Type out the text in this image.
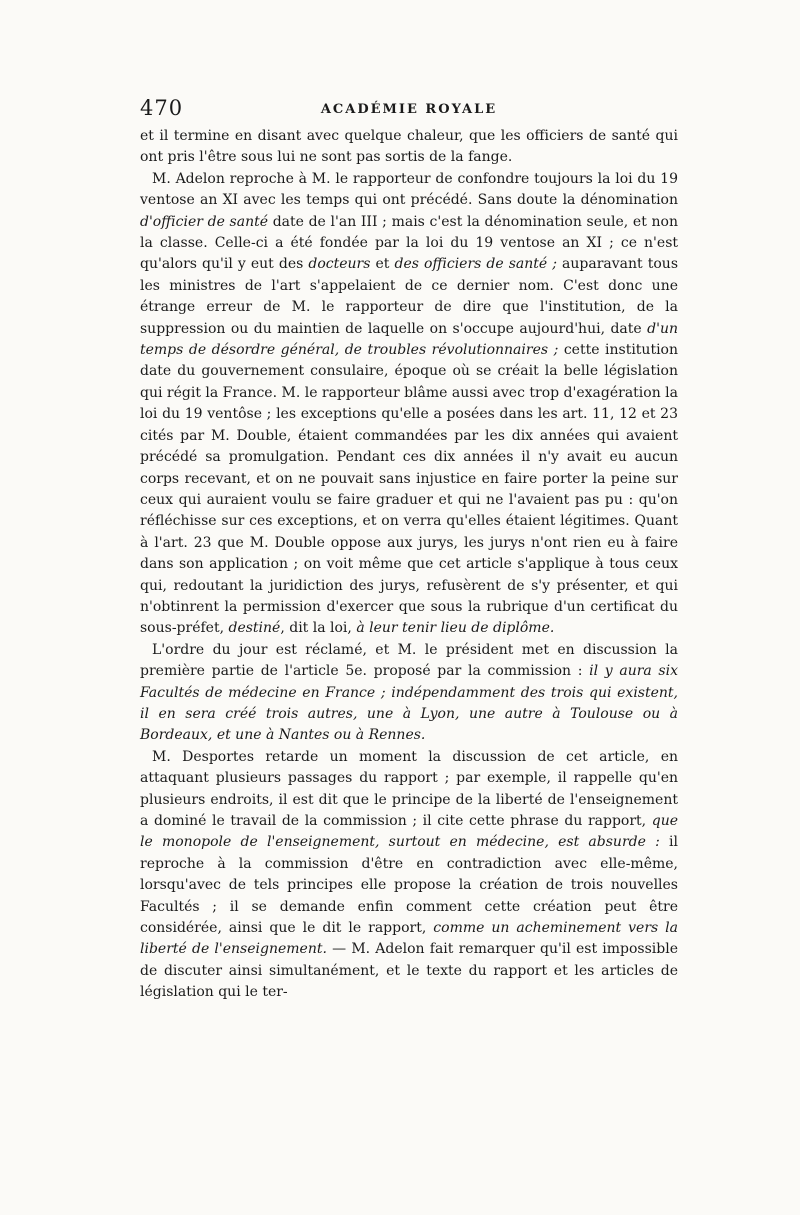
470	ACADÉMIE ROYALE

et il termine en disant avec quelque chaleur, que les officiers de santé qui ont pris l'être sous lui ne sont pas sortis de la fange.

M. Adelon reproche à M. le rapporteur de confondre toujours la loi du 19 ventose an XI avec les temps qui ont précédé. Sans doute la dénomination d'officier de santé date de l'an III ; mais c'est la dénomination seule, et non la classe. Celle-ci a été fondée par la loi du 19 ventose an XI ; ce n'est qu'alors qu'il y eut des docteurs et des officiers de santé ; auparavant tous les ministres de l'art s'appelaient de ce dernier nom. C'est donc une étrange erreur de M. le rapporteur de dire que l'institution, de la suppression ou du maintien de laquelle on s'occupe aujourd'hui, date d'un temps de désordre général, de troubles révolutionnaires ; cette institution date du gouvernement consulaire, époque où se créait la belle législation qui régit la France. M. le rapporteur blâme aussi avec trop d'exagération la loi du 19 ventôse ; les exceptions qu'elle a posées dans les art. 11, 12 et 23 cités par M. Double, étaient commandées par les dix années qui avaient précédé sa promulgation. Pendant ces dix années il n'y avait eu aucun corps recevant, et on ne pouvait sans injustice en faire porter la peine sur ceux qui auraient voulu se faire graduer et qui ne l'avaient pas pu : qu'on réfléchisse sur ces exceptions, et on verra qu'elles étaient légitimes. Quant à l'art. 23 que M. Double oppose aux jurys, les jurys n'ont rien eu à faire dans son application ; on voit même que cet article s'applique à tous ceux qui, redoutant la juridiction des jurys, refusèrent de s'y présenter, et qui n'obtinrent la permission d'exercer que sous la rubrique d'un certificat du sous-préfet, destiné, dit la loi, à leur tenir lieu de diplôme.

L'ordre du jour est réclamé, et M. le président met en discussion la première partie de l'article 5e. proposé par la commission : il y aura six Facultés de médecine en France ; indépendamment des trois qui existent, il en sera créé trois autres, une à Lyon, une autre à Toulouse ou à Bordeaux, et une à Nantes ou à Rennes.

M. Desportes retarde un moment la discussion de cet article, en attaquant plusieurs passages du rapport ; par exemple, il rappelle qu'en plusieurs endroits, il est dit que le principe de la liberté de l'enseignement a dominé le travail de la commission ; il cite cette phrase du rapport, que le monopole de l'enseignement, surtout en médecine, est absurde : il reproche à la commission d'être en contradiction avec elle-même, lorsqu'avec de tels principes elle propose la création de trois nouvelles Facultés ; il se demande enfin comment cette création peut être considérée, ainsi que le dit le rapport, comme un acheminement vers la liberté de l'enseignement. — M. Adelon fait remarquer qu'il est impossible de discuter ainsi simultanément, et le texte du rapport et les articles de législation qui le ter-
